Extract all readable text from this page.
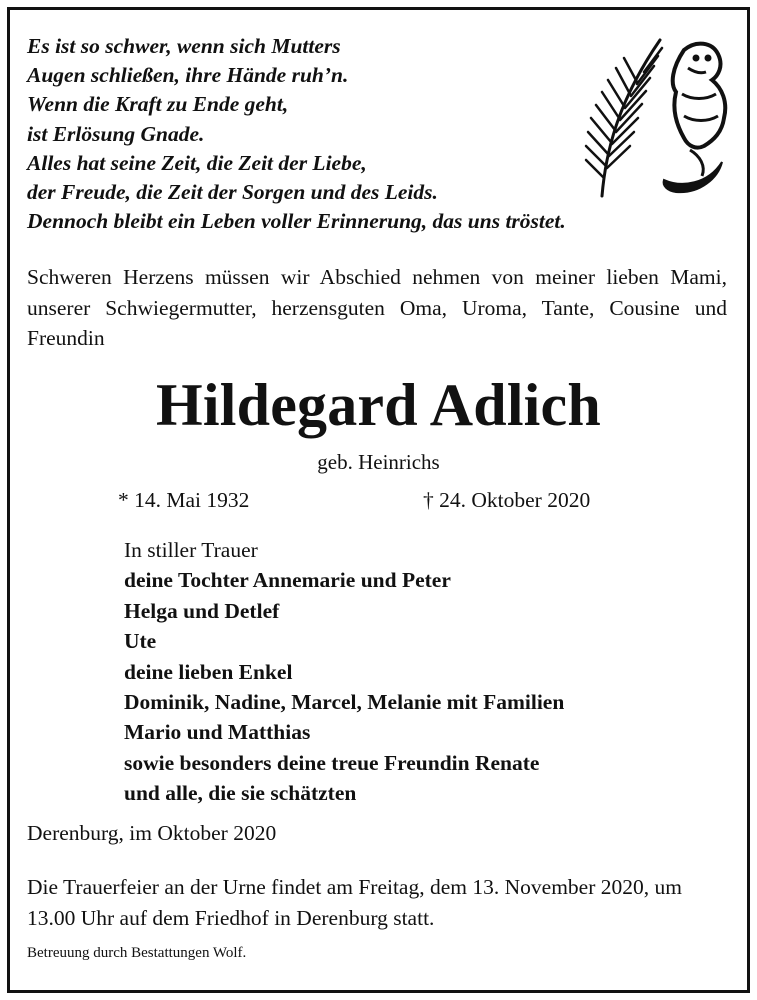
Es ist so schwer, wenn sich Mutters
Augen schließen, ihre Hände ruh’n.
Wenn die Kraft zu Ende geht,
ist Erlösung Gnade.
Alles hat seine Zeit, die Zeit der Liebe,
der Freude, die Zeit der Sorgen und des Leids.
Dennoch bleibt ein Leben voller Erinnerung, das uns tröstet.
Schweren Herzens müssen wir Abschied nehmen von meiner lieben Mami, unserer Schwiegermutter, herzensguten Oma, Uroma, Tante, Cousine und Freundin
Hildegard Adlich
geb. Heinrichs
* 14. Mai 1932	† 24. Oktober 2020
In stiller Trauer
deine Tochter Annemarie und Peter
Helga und Detlef
Ute
deine lieben Enkel
Dominik, Nadine, Marcel, Melanie mit Familien
Mario und Matthias
sowie besonders deine treue Freundin Renate
und alle, die sie schätzten
Derenburg, im Oktober 2020
Die Trauerfeier an der Urne findet am Freitag, dem 13. November 2020, um 13.00 Uhr auf dem Friedhof in Derenburg statt.
Betreuung durch Bestattungen Wolf.
